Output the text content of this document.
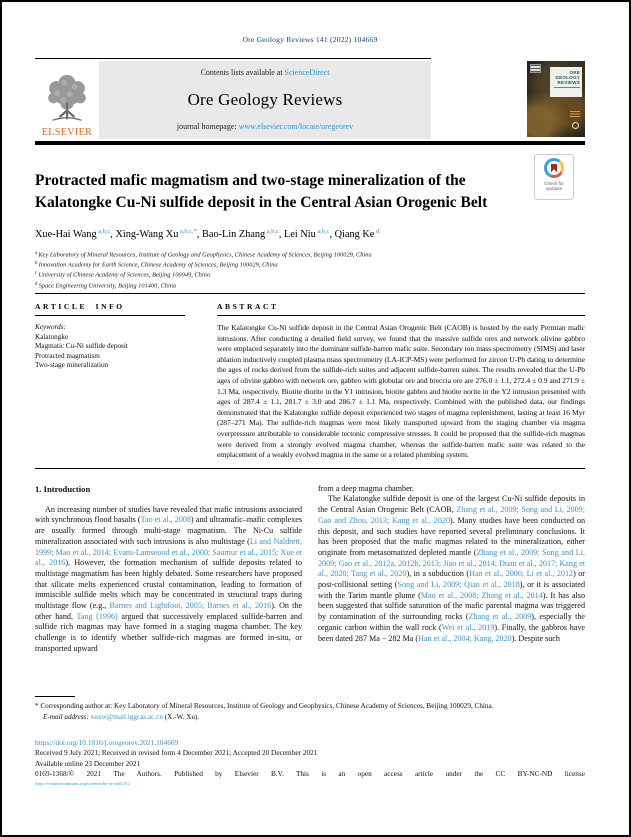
Ore Geology Reviews 141 (2022) 104669
ELSEVIER
Contents lists available at ScienceDirect
Ore Geology Reviews
journal homepage: www.elsevier.com/locate/oregeorev
ORE
GEOLOGY
REVIEWS
Check for
updates
Protracted mafic magmatism and two-stage mineralization of the Kalatongke Cu-Ni sulfide deposit in the Central Asian Orogenic Belt
Xue-Hai Wang $^{a,b,c}$, Xing-Wang Xu $^{a,b,c,*}$, Bao-Lin Zhang $^{a,b,c}$, Lei Niu $^{a,b,c}$, Qiang Ke $^d$
$^a$ Key Laboratory of Mineral Resources, Institute of Geology and Geophysics, Chinese Academy of Sciences, Beijing 100029, China
$^b$ Innovation Academy for Earth Science, Chinese Academy of Sciences, Beijing 100029, China
$^c$ University of Chinese Academy of Sciences, Beijing 100049, China
$^d$ Space Engineering University, Beijing 101400, China
ARTICLE INFO
Keywords:
Kalatongke
Magmatic Cu-Ni sulfide deposit
Protracted magmatism
Two-stage mineralization
ABSTRACT

The Kalatongke Cu-Ni sulfide deposit in the Central Asian Orogenic Belt (CAOB) is hosted by the early Permian mafic intrusions. After conducting a detailed field survey, we found that the massive sulfide ores and network olivine gabbro were emplaced separately into the dominant sulfide-barren mafic suite. Secondary ion mass spectrometry (SIMS) and laser ablation inductively coupled plasma mass spectrometry (LA-ICP-MS) were performed for zircon U-Pb dating to determine the ages of rocks derived from the sulfide-rich suites and adjacent sulfide-barren suites. The results revealed that the U-Pb ages of olivine gabbro with network ore, gabbro with globular ore and breccia ore are 276.0 ± 1.1, 272.4 ± 0.9 and 271.9 ± 1.3 Ma, respectively. Biotite diorite in the Y1 intrusion, biotite gabbro and biotite norite in the Y2 intrusion presented with ages of 287.4 ± 1.1, 281.7 ± 3.0 and 286.7 ± 1.1 Ma, respectively. Combined with the published data, our findings demonstrated that the Kalatongke sulfide deposit experienced two stages of magma replenishment, lasting at least 16 Myr (287–271 Ma). The sulfide-rich magmas were most likely transported upward from the staging chamber via magma overpressure attributable to considerable tectonic compressive stresses. It could be proposed that the sulfide-rich magmas were derived from a strongly evolved magma chamber, whereas the sulfide-barren mafic suite was related to the emplacement of a weakly evolved magma in the same or a related plumbing system.

1. Introduction

An increasing number of studies have revealed that mafic intrusions associated with synchronous flood basalts (Tao et al., 2008) and ultramafic–mafic complexes are usually formed through multi-stage magmatism. The Ni-Cu sulfide mineralization associated with such intrusions is also multistage (Li and Naldrett, 1999; Mao et al., 2014; Evans-Lamseood et al., 2000; Saumur et al., 2015; Xue et al., 2016). However, the formation mechanism of sulfide deposits related to multistage magmatism has been highly debated. Some researchers have proposed that silicate melts experienced crustal contamination, leading to formation of immiscible sulfide melts which may be concentrated in structural traps during multistage flow (e.g., Barnes and Lightfoot, 2005; Barnes et al., 2016). On the other hand, Tang (1996) argued that successively emplaced sulfide-barren and sulfide rich magmas may have formed in a staging magma chamber. The key challenge is to identify whether sulfide-rich magmas are formed in-situ, or transported upward

from a deep magma chamber.

The Kalatongke sulfide deposit is one of the largest Cu-Ni sulfide deposits in the Central Asian Orogenic Belt (CAOB, Zhang et al., 2009; Song and Li, 2009; Gao and Zhou, 2013; Kang et al., 2020). Many studies have been conducted on this deposit, and such studies have reported several preliminary conclusions. It has been proposed that the mafic magmas related to the mineralization, either originate from metasomatized depleted mantle (Zhang et al., 2009; Song and Li, 2009; Gao et al., 2012a, 2012b, 2013; Jiao et al., 2014; Duan et al., 2017; Kang et al., 2020; Tang et al., 2020), in a subduction (Han et al., 2006; Li et al., 2012) or post-collisional setting (Song and Li, 2009; Qian et al., 2018), or it is associated with the Tarim mantle plume (Mao et al., 2008; Zhang et al., 2014). It has also been suggested that sulfide saturation of the mafic parental magma was triggered by contamination of the surrounding rocks (Zhang et al., 2009), especially the organic carbon within the wall rock (Wei et al., 2019). Finally, the gabbros have been dated 287 Ma − 282 Ma (Han et al., 2004; Kang, 2020). Despite such

* Corresponding author at: Key Laboratory of Mineral Resources, Institute of Geology and Geophysics, Chinese Academy of Sciences, Beijing 100029, China.
E-mail address: xuxw@mail.iggcas.ac.cn (X.-W. Xu).
https://doi.org/10.1016/j.oregeorev.2021.104669
Received 9 July 2021; Received in revised form 4 December 2021; Accepted 20 December 2021
Available online 23 December 2021
0169-1368/© 2021 The Authors. Published by Elsevier B.V. This is an open access article under the CC BY-NC-ND license
(http://creativecommons.org/licenses/by-nc-nd/4.0/).
